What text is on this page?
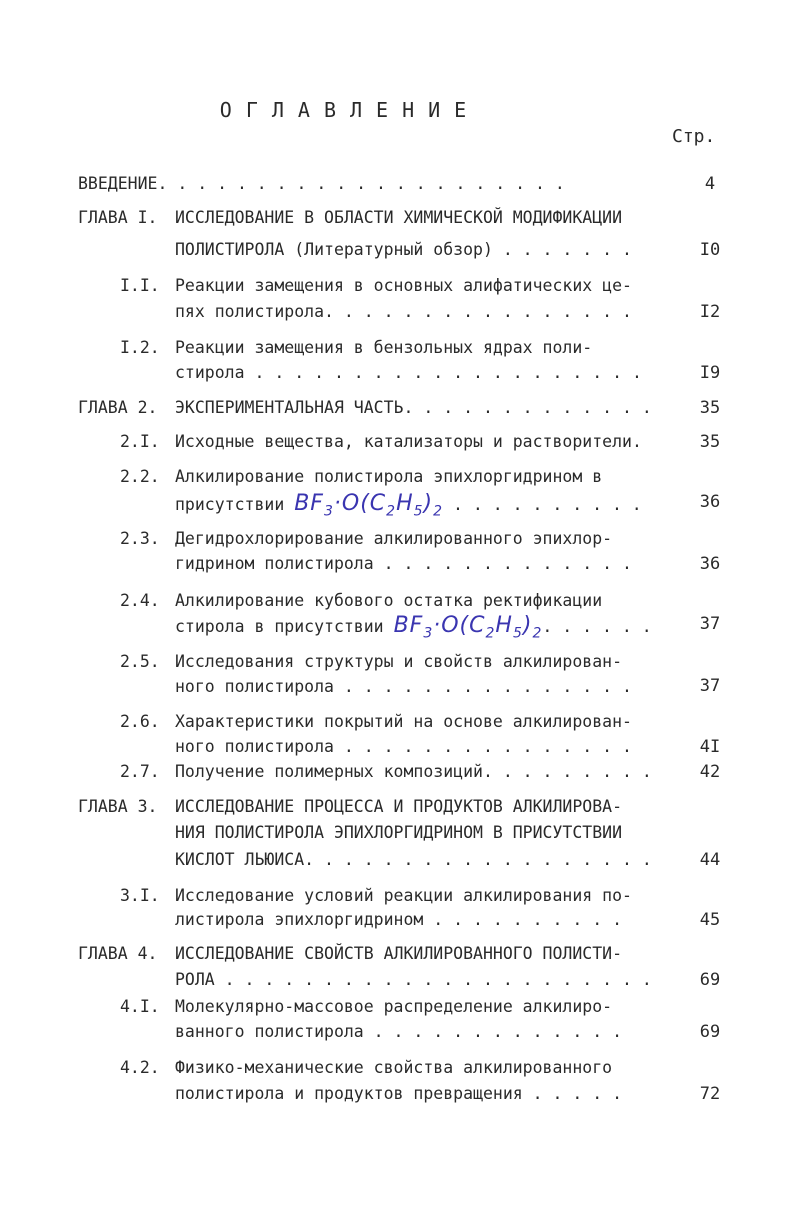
ОГЛАВЛЕНИЕ
Стр.
ВВЕДЕНИЕ. . . . . . . . . . . . . . . . . . . . .	4
ГЛАВА I. ИССЛЕДОВАНИЕ В ОБЛАСТИ ХИМИЧЕСКОЙ МОДИФИКАЦИИ
ПОЛИСТИРОЛА (Литературный обзор) . . . . . . .	I0
I.I. Реакции замещения в основных алифатических це-
пях полистирола. . . . . . . . . . . . . . . .	I2
I.2. Реакции замещения в бензольных ядрах поли-
стирола . . . . . . . . . . . . . . . . . . . .	I9
ГЛАВА 2. ЭКСПЕРИМЕНТАЛЬНАЯ ЧАСТЬ. . . . . . . . . . . . .	35
2.I. Исходные вещества, катализаторы и растворители.	35
2.2. Алкилирование полистирола эпихлоргидрином в
присутствии $BF_3\cdot O(C_2H_5)_2$ . . . . . . . . . .	36
2.3. Дегидрохлорирование алкилированного эпихлор-
гидрином полистирола . . . . . . . . . . . . .	36
2.4. Алкилирование кубового остатка ректификации
стирола в присутствии $BF_3\cdot O(C_2H_5)_2$. . . . . .	37
2.5. Исследования структуры и свойств алкилирован-
ного полистирола . . . . . . . . . . . . . . .	37
2.6. Характеристики покрытий на основе алкилирован-
ного полистирола . . . . . . . . . . . . . . .	4I
2.7. Получение полимерных композиций. . . . . . . . .	42
ГЛАВА 3. ИССЛЕДОВАНИЕ ПРОЦЕССА И ПРОДУКТОВ АЛКИЛИРОВА-
НИЯ ПОЛИСТИРОЛА ЭПИХЛОРГИДРИНОМ В ПРИСУТСТВИИ
КИСЛОТ ЛЬЮИСА. . . . . . . . . . . . . . . . . .	44
3.I. Исследование условий реакции алкилирования по-
листирола эпихлоргидрином . . . . . . . . . .	45
ГЛАВА 4. ИССЛЕДОВАНИЕ СВОЙСТВ АЛКИЛИРОВАННОГО ПОЛИСТИ-
РОЛА . . . . . . . . . . . . . . . . . . . . . .	69
4.I. Молекулярно-массовое распределение алкилиро-
ванного полистирола . . . . . . . . . . . . .	69
4.2. Физико-механические свойства алкилированного
полистирола и продуктов превращения . . . . .	72
